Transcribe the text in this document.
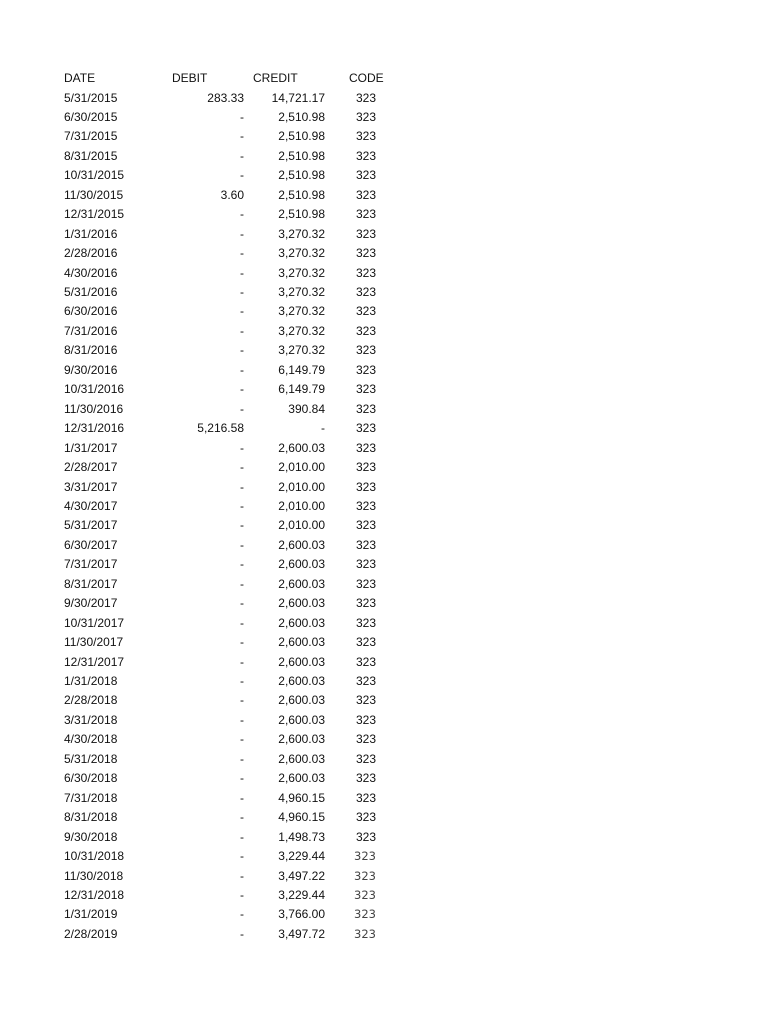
DATE	DEBIT	CREDIT	CODE
5/31/2015	283.33	14,721.17	323
6/30/2015	-	2,510.98	323
7/31/2015	-	2,510.98	323
8/31/2015	-	2,510.98	323
10/31/2015	-	2,510.98	323
11/30/2015	3.60	2,510.98	323
12/31/2015	-	2,510.98	323
1/31/2016	-	3,270.32	323
2/28/2016	-	3,270.32	323
4/30/2016	-	3,270.32	323
5/31/2016	-	3,270.32	323
6/30/2016	-	3,270.32	323
7/31/2016	-	3,270.32	323
8/31/2016	-	3,270.32	323
9/30/2016	-	6,149.79	323
10/31/2016	-	6,149.79	323
11/30/2016	-	390.84	323
12/31/2016	5,216.58	-	323
1/31/2017	-	2,600.03	323
2/28/2017	-	2,010.00	323
3/31/2017	-	2,010.00	323
4/30/2017	-	2,010.00	323
5/31/2017	-	2,010.00	323
6/30/2017	-	2,600.03	323
7/31/2017	-	2,600.03	323
8/31/2017	-	2,600.03	323
9/30/2017	-	2,600.03	323
10/31/2017	-	2,600.03	323
11/30/2017	-	2,600.03	323
12/31/2017	-	2,600.03	323
1/31/2018	-	2,600.03	323
2/28/2018	-	2,600.03	323
3/31/2018	-	2,600.03	323
4/30/2018	-	2,600.03	323
5/31/2018	-	2,600.03	323
6/30/2018	-	2,600.03	323
7/31/2018	-	4,960.15	323
8/31/2018	-	4,960.15	323
9/30/2018	-	1,498.73	323
10/31/2018	-	3,229.44	323
11/30/2018	-	3,497.22	323
12/31/2018	-	3,229.44	323
1/31/2019	-	3,766.00	323
2/28/2019	-	3,497.72	323
